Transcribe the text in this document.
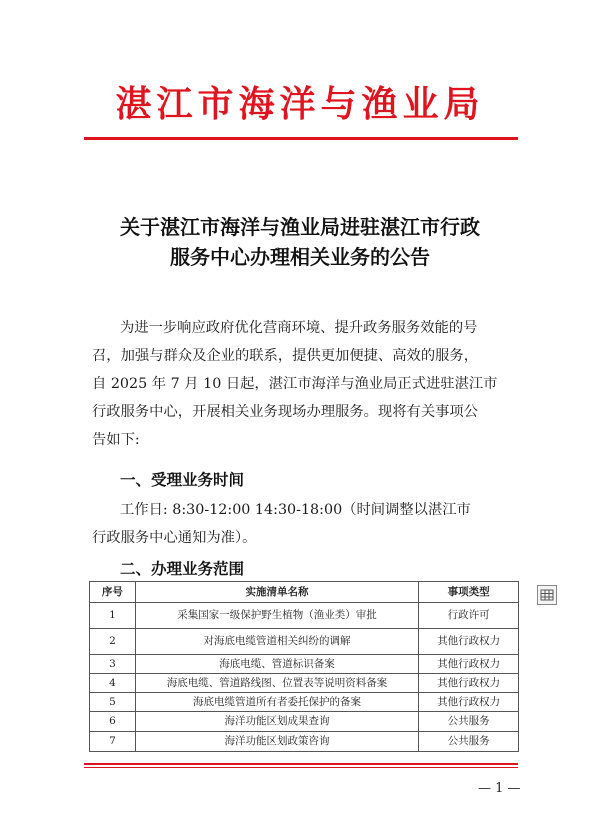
湛江市海洋与渔业局
关于湛江市海洋与渔业局进驻湛江市行政
服务中心办理相关业务的公告
为进一步响应政府优化营商环境、提升政务服务效能的号
召，加强与群众及企业的联系，提供更加便捷、高效的服务，
自 2025 年 7 月 10 日起，湛江市海洋与渔业局正式进驻湛江市
行政服务中心，开展相关业务现场办理服务。现将有关事项公
告如下:
一、受理业务时间
工作日: 8:30-12:00 14:30-18:00（时间调整以湛江市
行政服务中心通知为准）。
二、办理业务范围
序号	实施清单名称	事项类型
1	采集国家一级保护野生植物（渔业类）审批	行政许可
2	对海底电缆管道相关纠纷的调解	其他行政权力
3	海底电缆、管道标识备案	其他行政权力
4	海底电缆、管道路线图、位置表等说明资料备案	其他行政权力
5	海底电缆管道所有者委托保护的备案	其他行政权力
6	海洋功能区划成果查询	公共服务
7	海洋功能区划政策咨询	公共服务
— 1 —
